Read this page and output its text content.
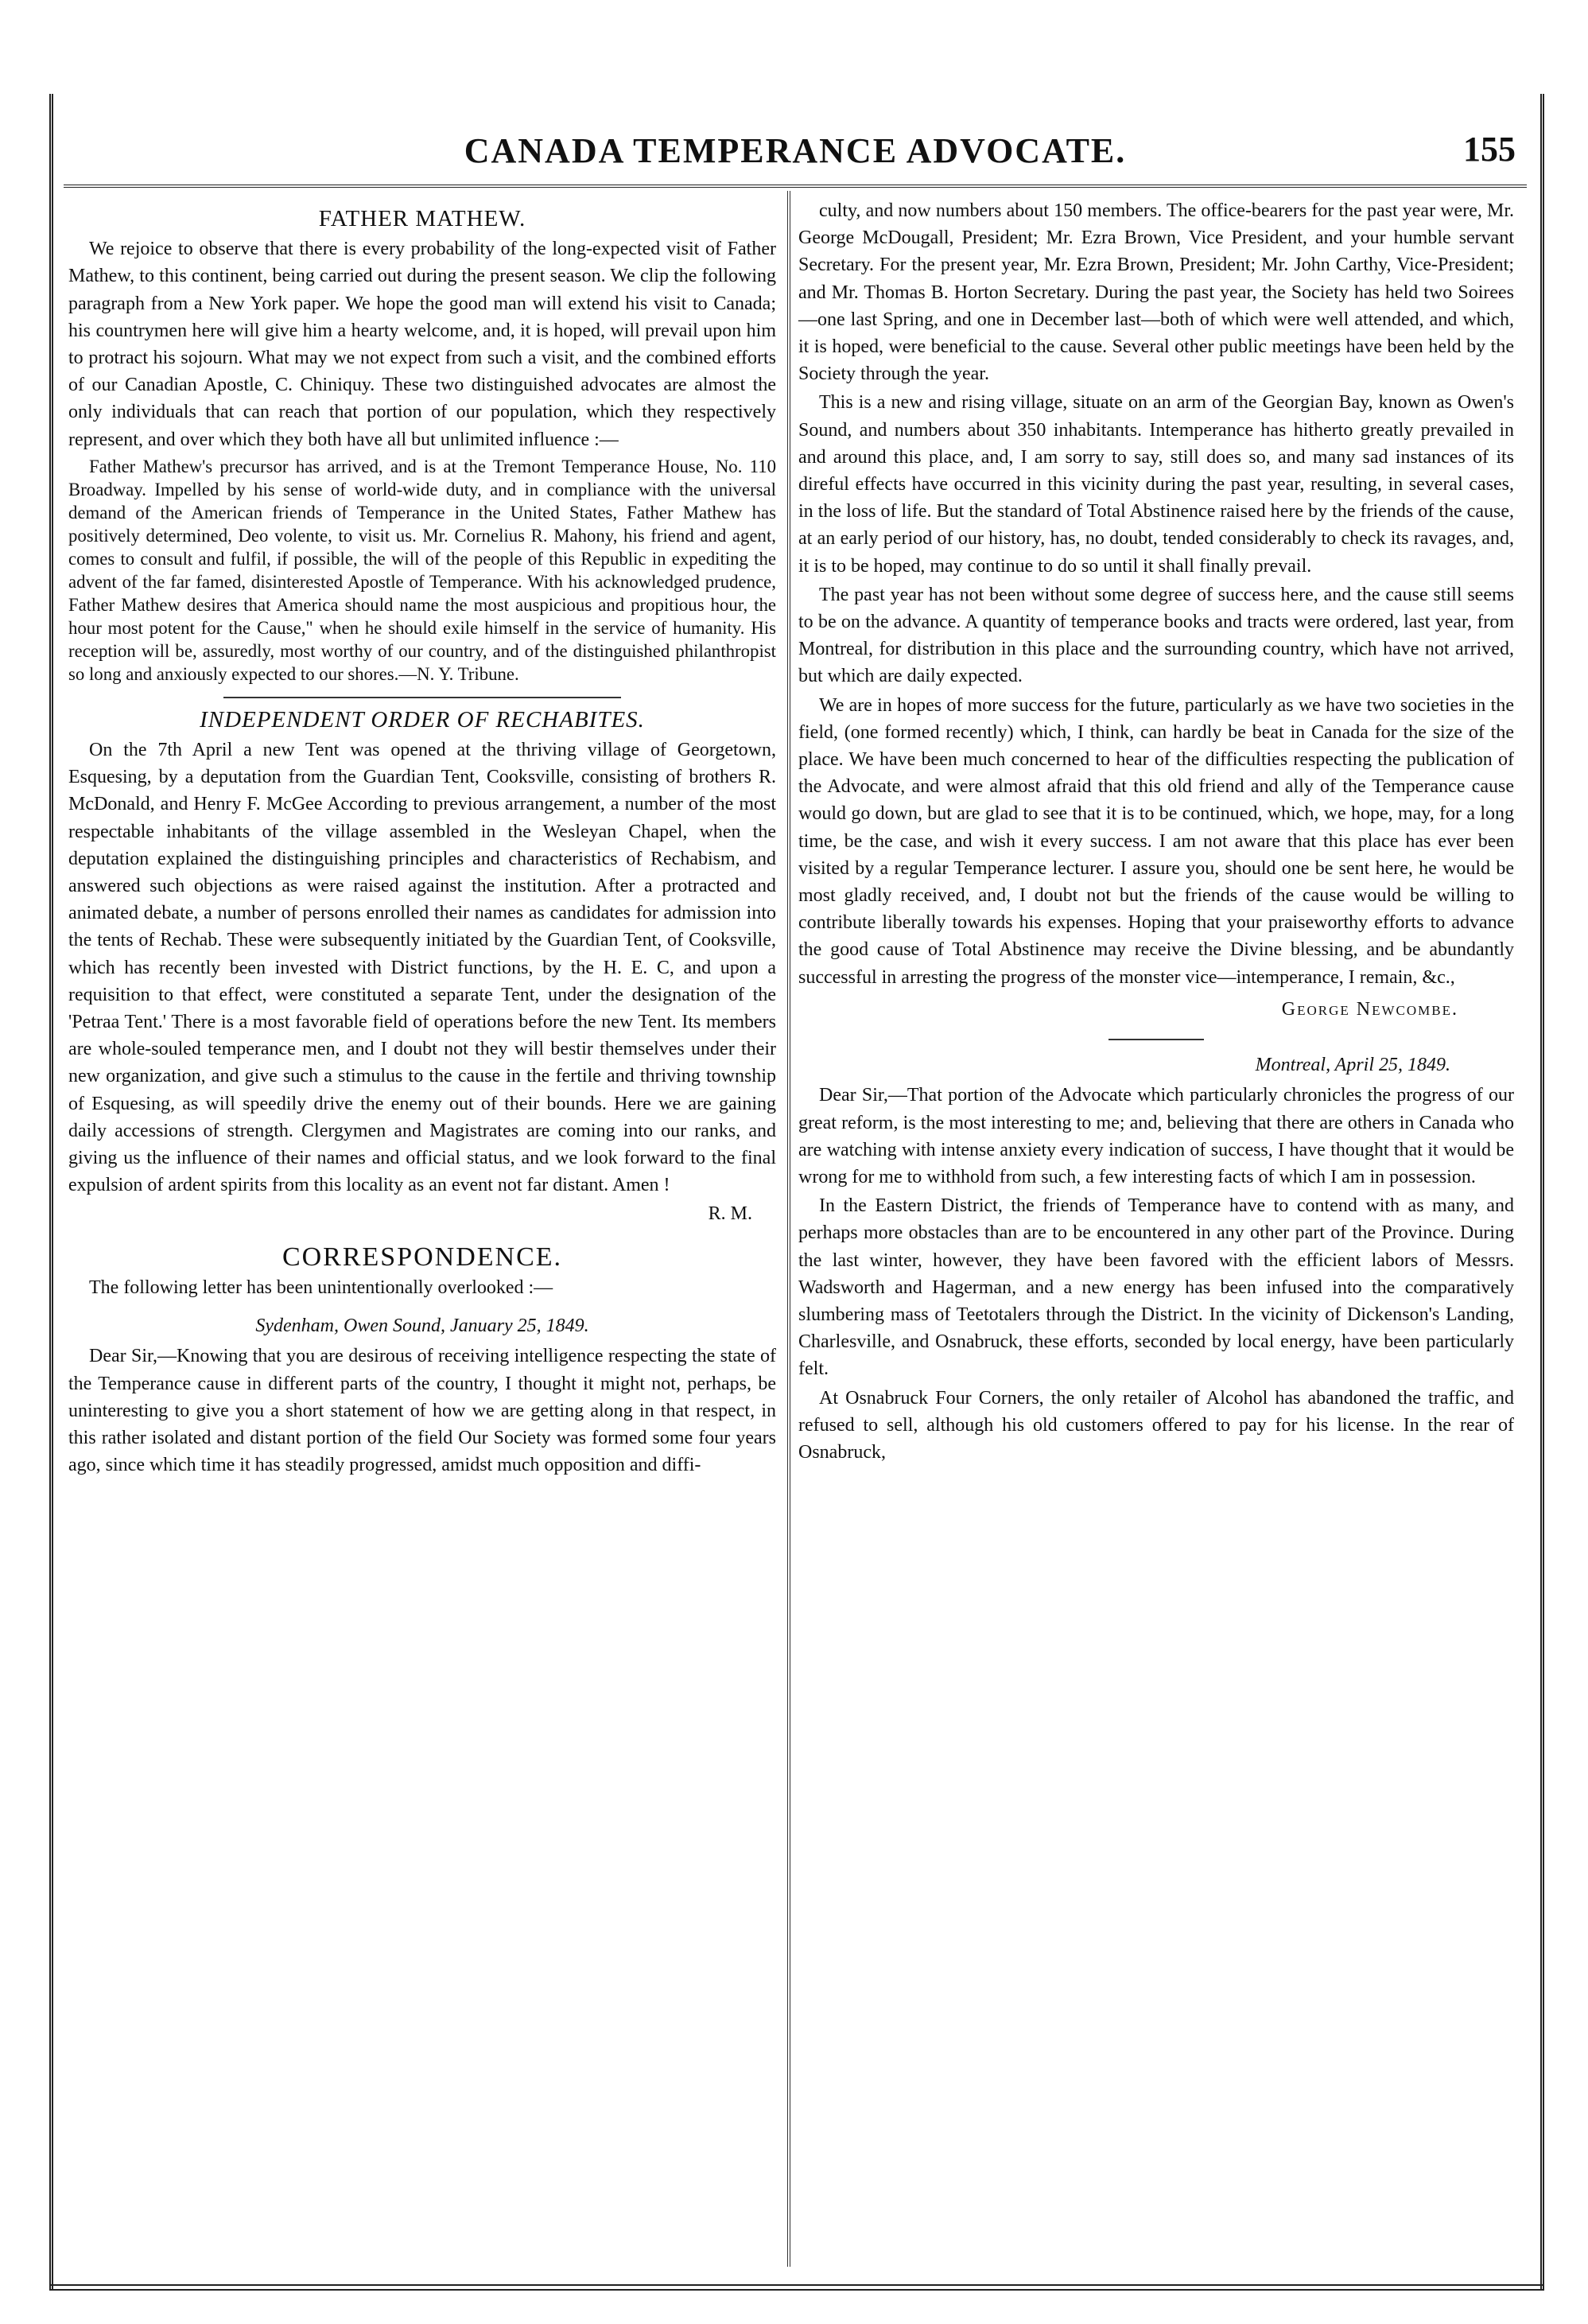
CANADA TEMPERANCE ADVOCATE.	155
FATHER MATHEW.

We rejoice to observe that there is every probability of the long-expected visit of Father Mathew, to this continent, being carried out during the present season. We clip the following paragraph from a New York paper. We hope the good man will extend his visit to Canada; his countrymen here will give him a hearty welcome, and, it is hoped, will prevail upon him to protract his sojourn. What may we not expect from such a visit, and the combined efforts of our Canadian Apostle, C. Chiniquy. These two distinguished advocates are almost the only individuals that can reach that portion of our population, which they respectively represent, and over which they both have all but unlimited influence :—

Father Mathew's precursor has arrived, and is at the Tremont Temperance House, No. 110 Broadway. Impelled by his sense of world-wide duty, and in compliance with the universal demand of the American friends of Temperance in the United States, Father Mathew has positively determined, Deo volente, to visit us. Mr. Cornelius R. Mahony, his friend and agent, comes to consult and fulfil, if possible, the will of the people of this Republic in expediting the advent of the far famed, disinterested Apostle of Temperance. With his acknowledged prudence, Father Mathew desires that America should name the most auspicious and propitious hour, the hour most potent for the Cause," when he should exile himself in the service of humanity. His reception will be, assuredly, most worthy of our country, and of the distinguished philanthropist so long and anxiously expected to our shores.—N. Y. Tribune.

INDEPENDENT ORDER OF RECHABITES.

On the 7th April a new Tent was opened at the thriving village of Georgetown, Esquesing, by a deputation from the Guardian Tent, Cooksville, consisting of brothers R. McDonald, and Henry F. McGee According to previous arrangement, a number of the most respectable inhabitants of the village assembled in the Wesleyan Chapel, when the deputation explained the distinguishing principles and characteristics of Rechabism, and answered such objections as were raised against the institution. After a protracted and animated debate, a number of persons enrolled their names as candidates for admission into the tents of Rechab. These were subsequently initiated by the Guardian Tent, of Cooksville, which has recently been invested with District functions, by the H. E. C, and upon a requisition to that effect, were constituted a separate Tent, under the designation of the 'Petraa Tent.' There is a most favorable field of operations before the new Tent. Its members are whole-souled temperance men, and I doubt not they will bestir themselves under their new organization, and give such a stimulus to the cause in the fertile and thriving township of Esquesing, as will speedily drive the enemy out of their bounds. Here we are gaining daily accessions of strength. Clergymen and Magistrates are coming into our ranks, and giving us the influence of their names and official status, and we look forward to the final expulsion of ardent spirits from this locality as an event not far distant. Amen !

R. M.
CORRESPONDENCE.

The following letter has been unintentionally overlooked :—

Sydenham, Owen Sound, January 25, 1849.

Dear Sir,—Knowing that you are desirous of receiving intelligence respecting the state of the Temperance cause in different parts of the country, I thought it might not, perhaps, be uninteresting to give you a short statement of how we are getting along in that respect, in this rather isolated and distant portion of the field Our Society was formed some four years ago, since which time it has steadily progressed, amidst much opposition and diffi-

culty, and now numbers about 150 members. The office-bearers for the past year were, Mr. George McDougall, President; Mr. Ezra Brown, Vice President, and your humble servant Secretary. For the present year, Mr. Ezra Brown, President; Mr. John Carthy, Vice-President; and Mr. Thomas B. Horton Secretary. During the past year, the Society has held two Soirees—one last Spring, and one in December last—both of which were well attended, and which, it is hoped, were beneficial to the cause. Several other public meetings have been held by the Society through the year.

This is a new and rising village, situate on an arm of the Georgian Bay, known as Owen's Sound, and numbers about 350 inhabitants. Intemperance has hitherto greatly prevailed in and around this place, and, I am sorry to say, still does so, and many sad instances of its direful effects have occurred in this vicinity during the past year, resulting, in several cases, in the loss of life. But the standard of Total Abstinence raised here by the friends of the cause, at an early period of our history, has, no doubt, tended considerably to check its ravages, and, it is to be hoped, may continue to do so until it shall finally prevail.

The past year has not been without some degree of success here, and the cause still seems to be on the advance. A quantity of temperance books and tracts were ordered, last year, from Montreal, for distribution in this place and the surrounding country, which have not arrived, but which are daily expected.

We are in hopes of more success for the future, particularly as we have two societies in the field, (one formed recently) which, I think, can hardly be beat in Canada for the size of the place. We have been much concerned to hear of the difficulties respecting the publication of the Advocate, and were almost afraid that this old friend and ally of the Temperance cause would go down, but are glad to see that it is to be continued, which, we hope, may, for a long time, be the case, and wish it every success. I am not aware that this place has ever been visited by a regular Temperance lecturer. I assure you, should one be sent here, he would be most gladly received, and, I doubt not but the friends of the cause would be willing to contribute liberally towards his expenses. Hoping that your praiseworthy efforts to advance the good cause of Total Abstinence may receive the Divine blessing, and be abundantly successful in arresting the progress of the monster vice—intemperance, I remain, &c.,

George Newcombe.
Montreal, April 25, 1849.

Dear Sir,—That portion of the Advocate which particularly chronicles the progress of our great reform, is the most interesting to me; and, believing that there are others in Canada who are watching with intense anxiety every indication of success, I have thought that it would be wrong for me to withhold from such, a few interesting facts of which I am in possession.

In the Eastern District, the friends of Temperance have to contend with as many, and perhaps more obstacles than are to be encountered in any other part of the Province. During the last winter, however, they have been favored with the efficient labors of Messrs. Wadsworth and Hagerman, and a new energy has been infused into the comparatively slumbering mass of Teetotalers through the District. In the vicinity of Dickenson's Landing, Charlesville, and Osnabruck, these efforts, seconded by local energy, have been particularly felt.

At Osnabruck Four Corners, the only retailer of Alcohol has abandoned the traffic, and refused to sell, although his old customers offered to pay for his license. In the rear of Osnabruck,
